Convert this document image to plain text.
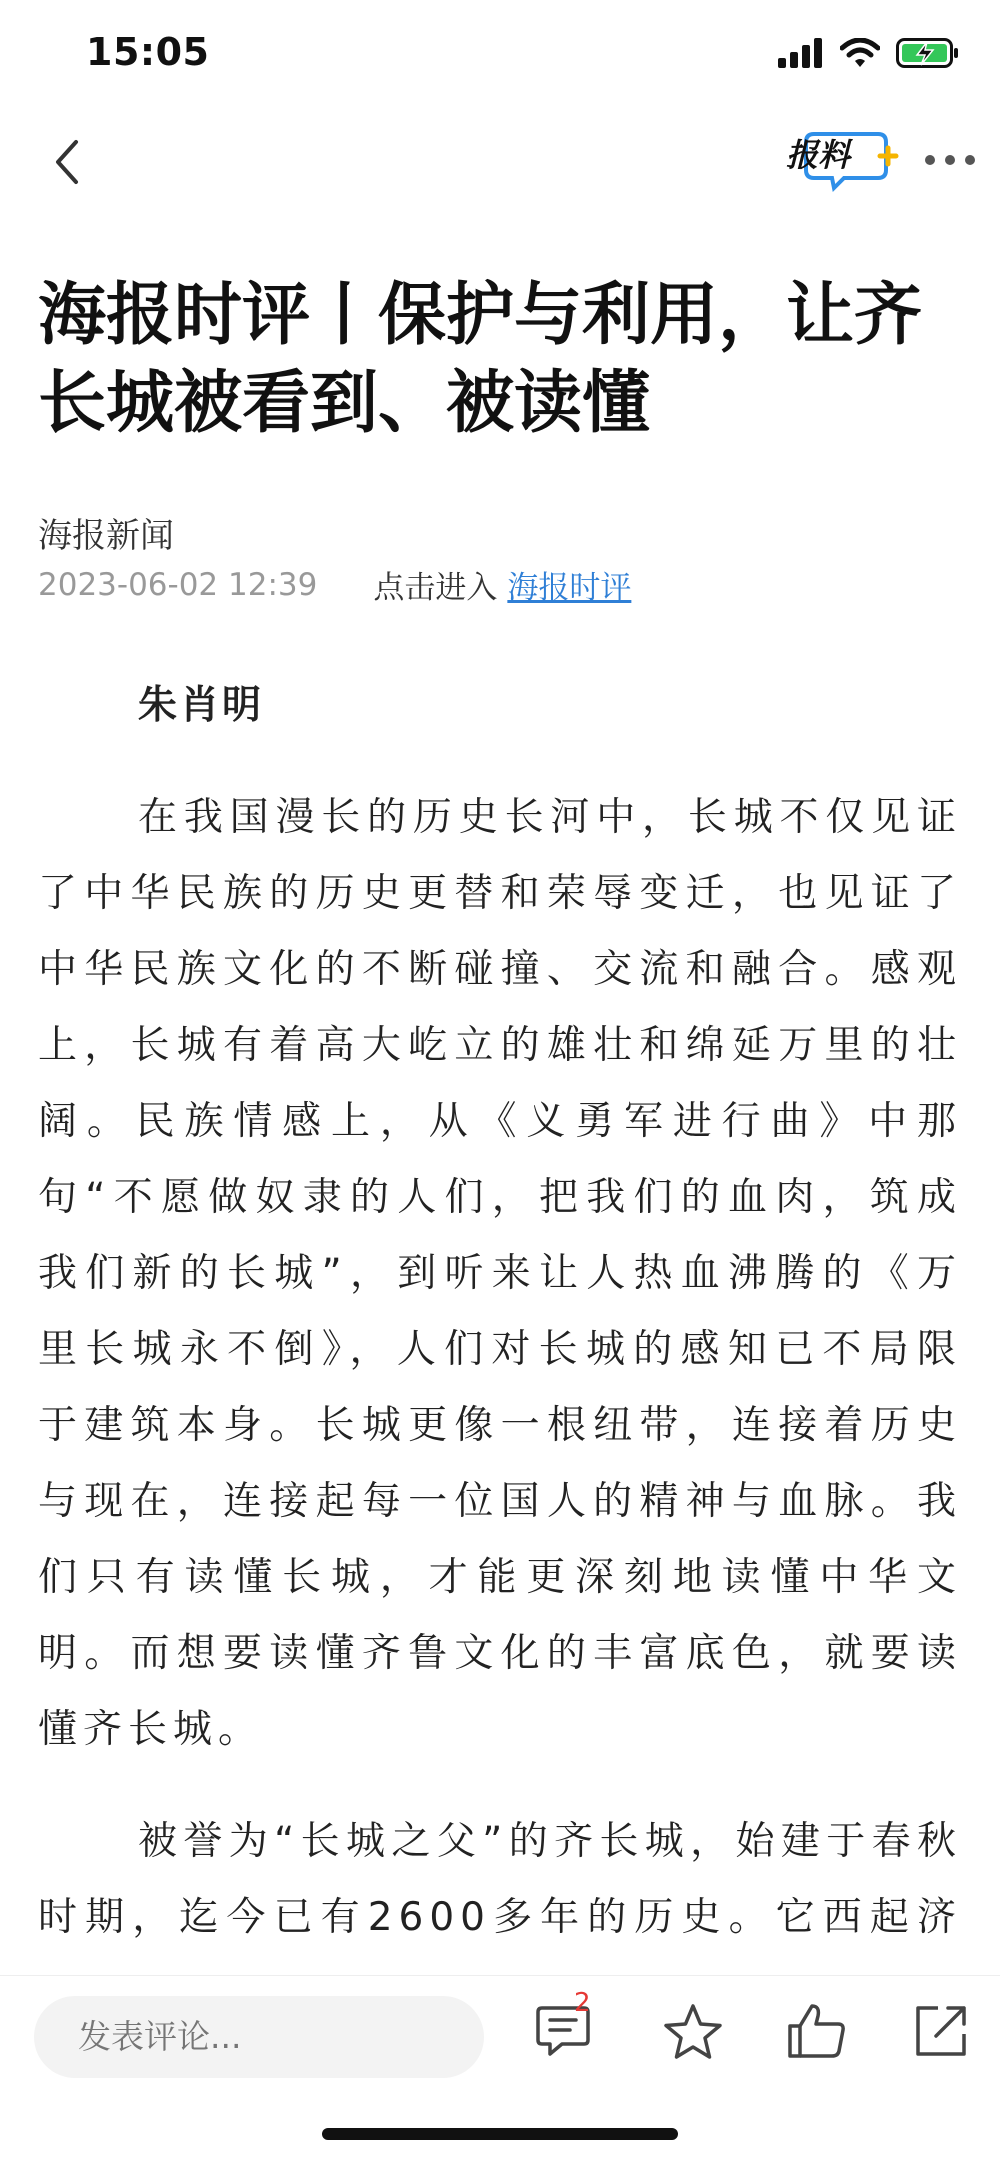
15:05
报料
海报时评丨保护与利用，让齐长城被看到、被读懂
海报新闻
2023-06-02 12:39 点击进入 海报时评

朱肖明

在我国漫长的历史长河中，长城不仅见证了中华民族的历史更替和荣辱变迁，也见证了中华民族文化的不断碰撞、交流和融合。感观上，长城有着高大屹立的雄壮和绵延万里的壮阔。民族情感上，从《义勇军进行曲》中那句“不愿做奴隶的人们，把我们的血肉，筑成我们新的长城”，到听来让人热血沸腾的《万里长城永不倒》，人们对长城的感知已不局限于建筑本身。长城更像一根纽带，连接着历史与现在，连接起每一位国人的精神与血脉。我们只有读懂长城，才能更深刻地读懂中华文明。而想要读懂齐鲁文化的丰富底色，就要读懂齐长城。

被誉为“长城之父”的齐长城，始建于春秋时期，迄今已有2600多年的历史。它西起济

发表评论...
2
